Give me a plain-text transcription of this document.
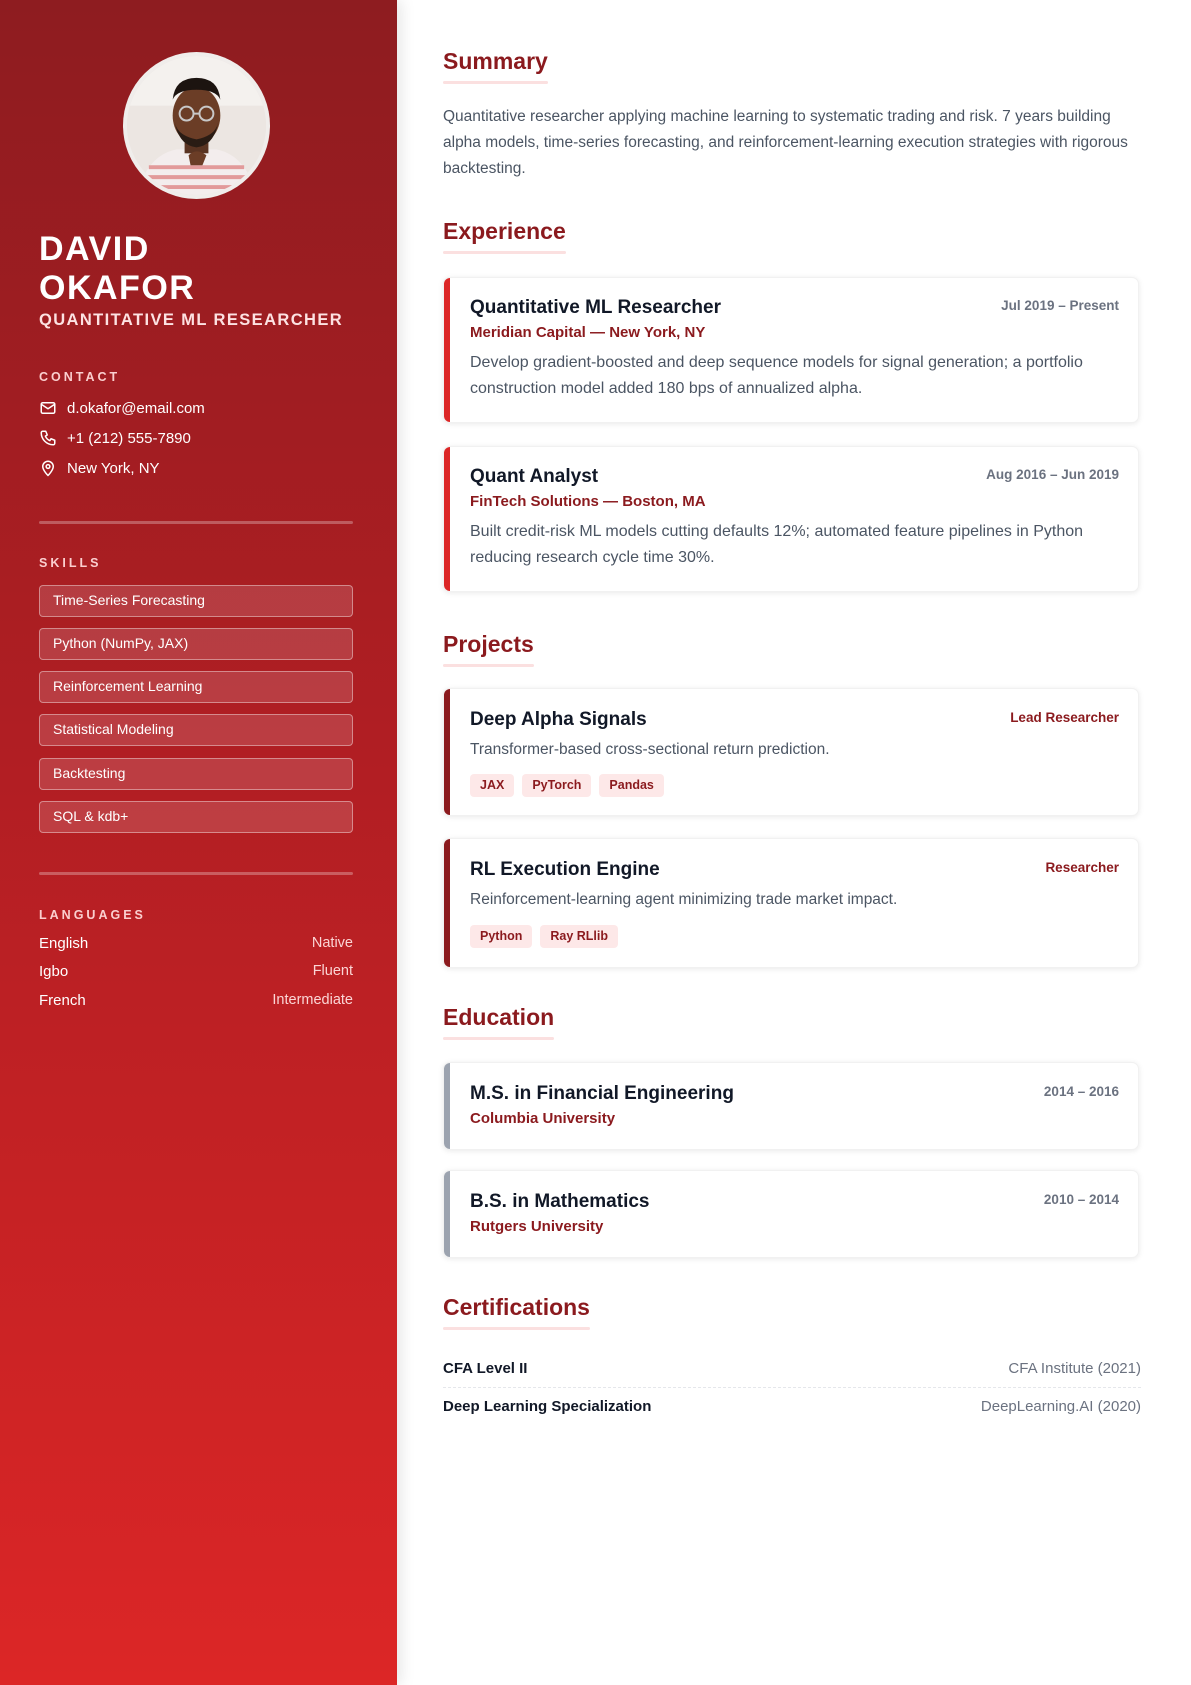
DAVID
OKAFOR
QUANTITATIVE ML RESEARCHER
CONTACT
d.okafor@email.com
+1 (212) 555-7890
New York, NY
SKILLS
Time-Series Forecasting
Python (NumPy, JAX)
Reinforcement Learning
Statistical Modeling
Backtesting
SQL & kdb+
LANGUAGES
English	Native
Igbo	Fluent
French	Intermediate
Summary

Quantitative researcher applying machine learning to systematic trading and risk. 7 years building alpha models, time-series forecasting, and reinforcement-learning execution strategies with rigorous backtesting.

Experience
Quantitative ML Researcher	Jul 2019 – Present
Meridian Capital — New York, NY

Develop gradient-boosted and deep sequence models for signal generation; a portfolio construction model added 180 bps of annualized alpha.

Quant Analyst	Aug 2016 – Jun 2019
FinTech Solutions — Boston, MA

Built credit-risk ML models cutting defaults 12%; automated feature pipelines in Python reducing research cycle time 30%.

Projects
Deep Alpha Signals	Lead Researcher

Transformer-based cross-sectional return prediction.

JAX	PyTorch	Pandas
RL Execution Engine	Researcher

Reinforcement-learning agent minimizing trade market impact.

Python	Ray RLlib
Education
M.S. in Financial Engineering	2014 – 2016
Columbia University
B.S. in Mathematics	2010 – 2014
Rutgers University
Certifications
CFA Level II	CFA Institute (2021)
Deep Learning Specialization	DeepLearning.AI (2020)
